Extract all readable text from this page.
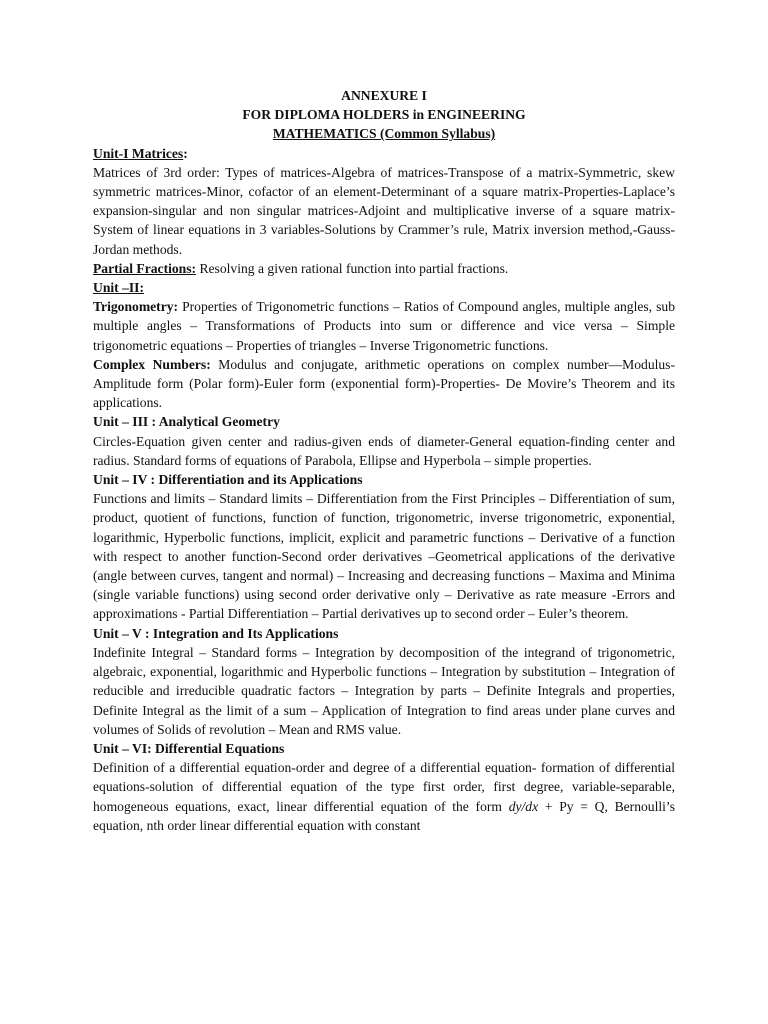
ANNEXURE I
FOR DIPLOMA HOLDERS in ENGINEERING
MATHEMATICS (Common Syllabus)

Unit-I Matrices:

Matrices of 3rd order: Types of matrices-Algebra of matrices-Transpose of a matrix-Symmetric, skew symmetric matrices-Minor, cofactor of an element-Determinant of a square matrix-Properties-Laplace’s expansion-singular and non singular matrices-Adjoint and multiplicative inverse of a square matrix-System of linear equations in 3 variables-Solutions by Crammer’s rule, Matrix inversion method,-Gauss-Jordan methods.

Partial Fractions: Resolving a given rational function into partial fractions.

Unit –II:

Trigonometry: Properties of Trigonometric functions – Ratios of Compound angles, multiple angles, sub multiple angles – Transformations of Products into sum or difference and vice versa – Simple trigonometric equations – Properties of triangles – Inverse Trigonometric functions.

Complex Numbers: Modulus and conjugate, arithmetic operations on complex number—Modulus-Amplitude form (Polar form)-Euler form (exponential form)-Properties- De Movire’s Theorem and its applications.

Unit – III : Analytical Geometry

Circles-Equation given center and radius-given ends of diameter-General equation-finding center and radius. Standard forms of equations of Parabola, Ellipse and Hyperbola – simple properties.

Unit – IV : Differentiation and its Applications

Functions and limits – Standard limits – Differentiation from the First Principles – Differentiation of sum, product, quotient of functions, function of function, trigonometric, inverse trigonometric, exponential, logarithmic, Hyperbolic functions, implicit, explicit and parametric functions – Derivative of a function with respect to another function-Second order derivatives –Geometrical applications of the derivative (angle between curves, tangent and normal) – Increasing and decreasing functions – Maxima and Minima (single variable functions) using second order derivative only – Derivative as rate measure -Errors and approximations - Partial Differentiation – Partial derivatives up to second order – Euler’s theorem.

Unit – V : Integration and Its Applications

Indefinite Integral – Standard forms – Integration by decomposition of the integrand of trigonometric, algebraic, exponential, logarithmic and Hyperbolic functions – Integration by substitution – Integration of reducible and irreducible quadratic factors – Integration by parts – Definite Integrals and properties, Definite Integral as the limit of a sum – Application of Integration to find areas under plane curves and volumes of Solids of revolution – Mean and RMS value.

Unit – VI: Differential Equations

Definition of a differential equation-order and degree of a differential equation- formation of differential equations-solution of differential equation of the type first order, first degree, variable-separable, homogeneous equations, exact, linear differential equation of the form dy/dx + Py = Q, Bernoulli’s equation, nth order linear differential equation with constant
